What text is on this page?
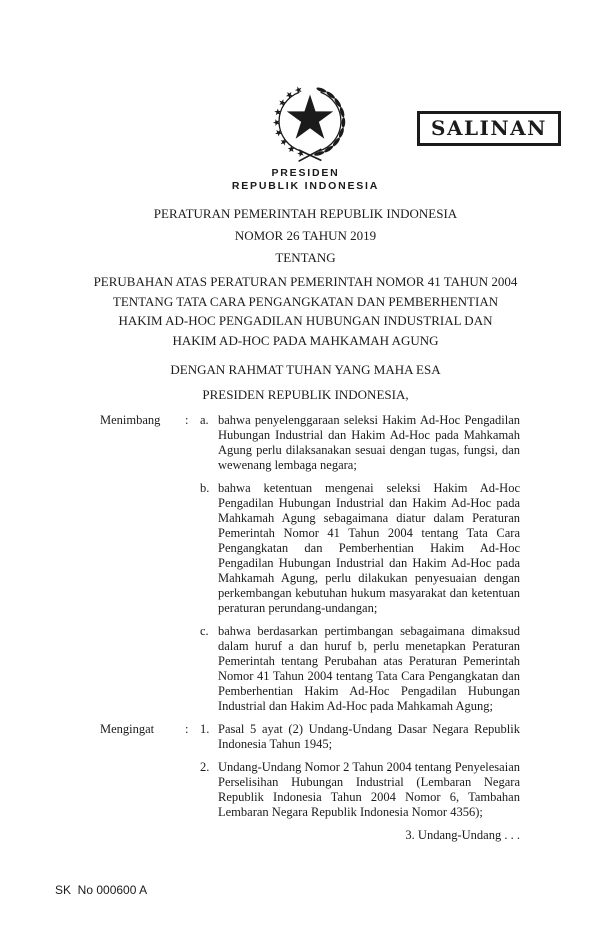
SALINAN
PRESIDEN
REPUBLIK INDONESIA
PERATURAN PEMERINTAH REPUBLIK INDONESIA
NOMOR 26 TAHUN 2019
TENTANG
PERUBAHAN ATAS PERATURAN PEMERINTAH NOMOR 41 TAHUN 2004
TENTANG TATA CARA PENGANGKATAN DAN PEMBERHENTIAN
HAKIM AD-HOC PENGADILAN HUBUNGAN INDUSTRIAL DAN
HAKIM AD-HOC PADA MAHKAMAH AGUNG
DENGAN RAHMAT TUHAN YANG MAHA ESA
PRESIDEN REPUBLIK INDONESIA,
Menimbang	: a. bahwa penyelenggaraan seleksi Hakim Ad-Hoc Pengadilan Hubungan Industrial dan Hakim Ad-Hoc pada Mahkamah Agung perlu dilaksanakan sesuai dengan tugas, fungsi, dan wewenang lembaga negara;
b. bahwa ketentuan mengenai seleksi Hakim Ad-Hoc Pengadilan Hubungan Industrial dan Hakim Ad-Hoc pada Mahkamah Agung sebagaimana diatur dalam Peraturan Pemerintah Nomor 41 Tahun 2004 tentang Tata Cara Pengangkatan dan Pemberhentian Hakim Ad-Hoc Pengadilan Hubungan Industrial dan Hakim Ad-Hoc pada Mahkamah Agung, perlu dilakukan penyesuaian dengan perkembangan kebutuhan hukum masyarakat dan ketentuan peraturan perundang-undangan;
c. bahwa berdasarkan pertimbangan sebagaimana dimaksud dalam huruf a dan huruf b, perlu menetapkan Peraturan Pemerintah tentang Perubahan atas Peraturan Pemerintah Nomor 41 Tahun 2004 tentang Tata Cara Pengangkatan dan Pemberhentian Hakim Ad-Hoc Pengadilan Hubungan Industrial dan Hakim Ad-Hoc pada Mahkamah Agung;
Mengingat	: 1. Pasal 5 ayat (2) Undang-Undang Dasar Negara Republik Indonesia Tahun 1945;
2. Undang-Undang Nomor 2 Tahun 2004 tentang Penyelesaian Perselisihan Hubungan Industrial (Lembaran Negara Republik Indonesia Tahun 2004 Nomor 6, Tambahan Lembaran Negara Republik Indonesia Nomor 4356);
3. Undang-Undang . . .
SK  No 000600 A
